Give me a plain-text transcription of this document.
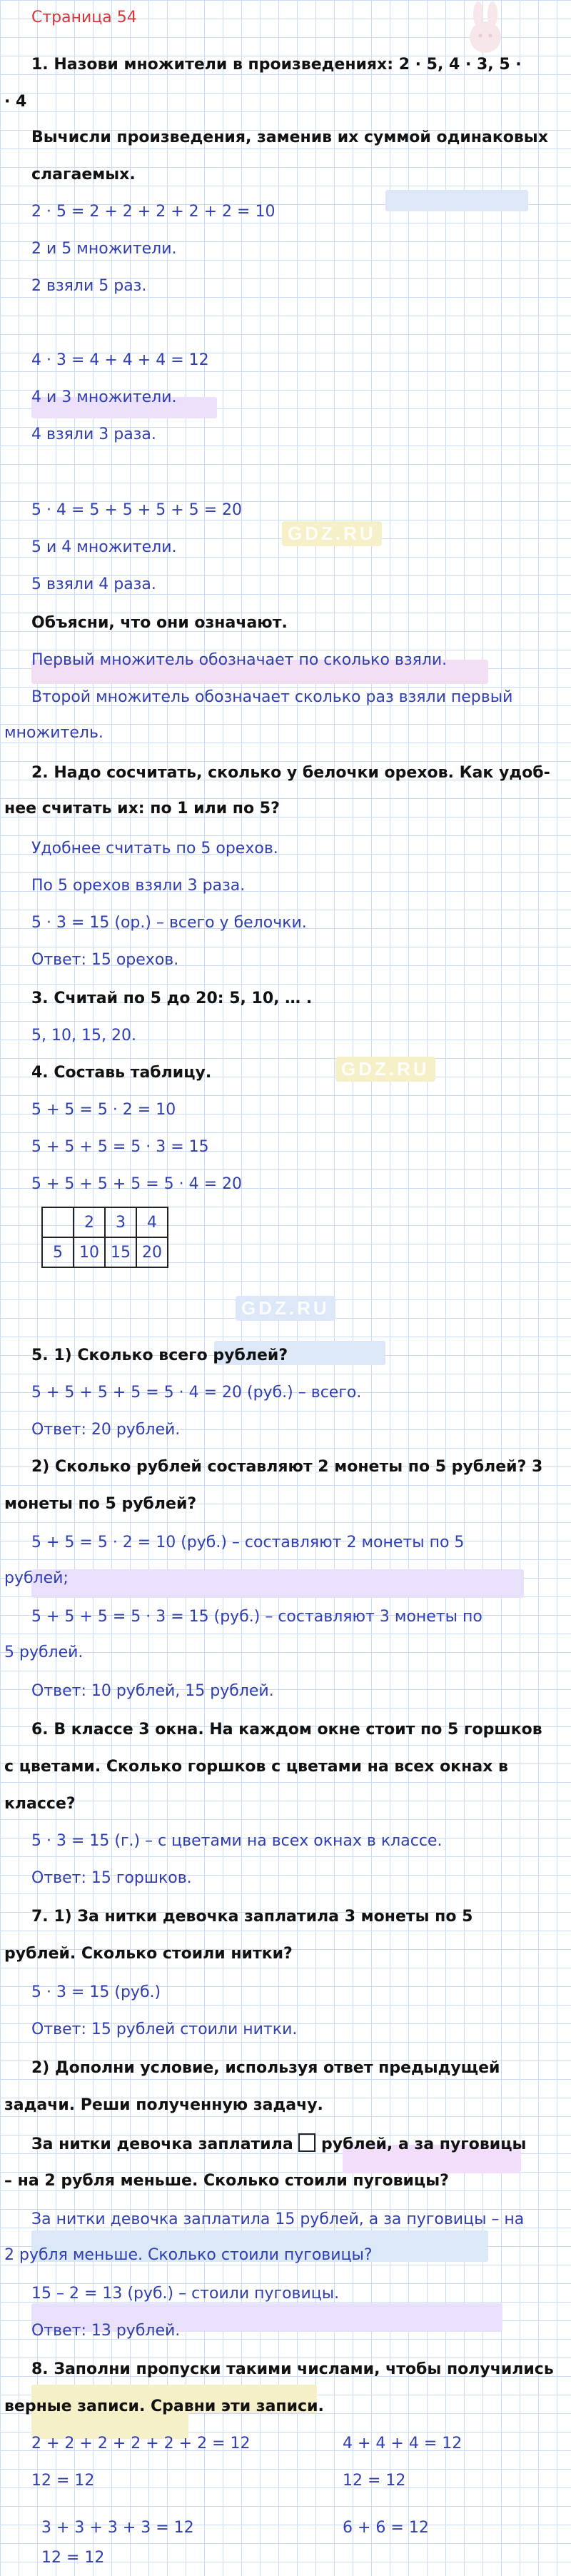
GDZ.RU
GDZ.RU
GDZ.RU
Страница 54
1. Назови множители в произведениях: 2 · 5, 4 · 3, 5 ·
· 4
Вычисли произведения, заменив их суммой одинаковых
слагаемых.
2 · 5 = 2 + 2 + 2 + 2 + 2 = 10
2 и 5 множители.
2 взяли 5 раз.
4 · 3 = 4 + 4 + 4 = 12
4 и 3 множители.
4 взяли 3 раза.
5 · 4 = 5 + 5 + 5 + 5 = 20
5 и 4 множители.
5 взяли 4 раза.
Объясни, что они означают.
Первый множитель обозначает по сколько взяли.
Второй множитель обозначает сколько раз взяли первый
множитель.
2. Надо сосчитать, сколько у белочки орехов. Как удоб-
нее считать их: по 1 или по 5?
Удобнее считать по 5 орехов.
По 5 орехов взяли 3 раза.
5 · 3 = 15 (ор.) – всего у белочки.
Ответ: 15 орехов.
3. Считай по 5 до 20: 5, 10, … .
5, 10, 15, 20.
4. Составь таблицу.
5 + 5 = 5 · 2 = 10
5 + 5 + 5 = 5 · 3 = 15
5 + 5 + 5 + 5 = 5 · 4 = 20
	2	3	4
5	10	15	20
5. 1) Сколько всего рублей?
5 + 5 + 5 + 5 = 5 · 4 = 20 (руб.) – всего.
Ответ: 20 рублей.
2) Сколько рублей составляют 2 монеты по 5 рублей? 3
монеты по 5 рублей?
5 + 5 = 5 · 2 = 10 (руб.) – составляют 2 монеты по 5
рублей;
5 + 5 + 5 = 5 · 3 = 15 (руб.) – составляют 3 монеты по
5 рублей.
Ответ: 10 рублей, 15 рублей.
6. В классе 3 окна. На каждом окне стоит по 5 горшков
с цветами. Сколько горшков с цветами на всех окнах в
классе?
5 · 3 = 15 (г.) – с цветами на всех окнах в классе.
Ответ: 15 горшков.
7. 1) За нитки девочка заплатила 3 монеты по 5
рублей. Сколько стоили нитки?
5 · 3 = 15 (руб.)
Ответ: 15 рублей стоили нитки.
2) Дополни условие, используя ответ предыдущей
задачи. Реши полученную задачу.
За нитки девочка заплатила рублей, а за пуговицы
– на 2 рубля меньше. Сколько стоили пуговицы?
За нитки девочка заплатила 15 рублей, а за пуговицы – на
2 рубля меньше. Сколько стоили пуговицы?
15 – 2 = 13 (руб.) – стоили пуговицы.
Ответ: 13 рублей.
8. Заполни пропуски такими числами, чтобы получились
верные записи. Сравни эти записи.
2 + 2 + 2 + 2 + 2 + 2 = 12	4 + 4 + 4 = 12
12 = 12	12 = 12
3 + 3 + 3 + 3 = 12	6 + 6 = 12
12 = 12
